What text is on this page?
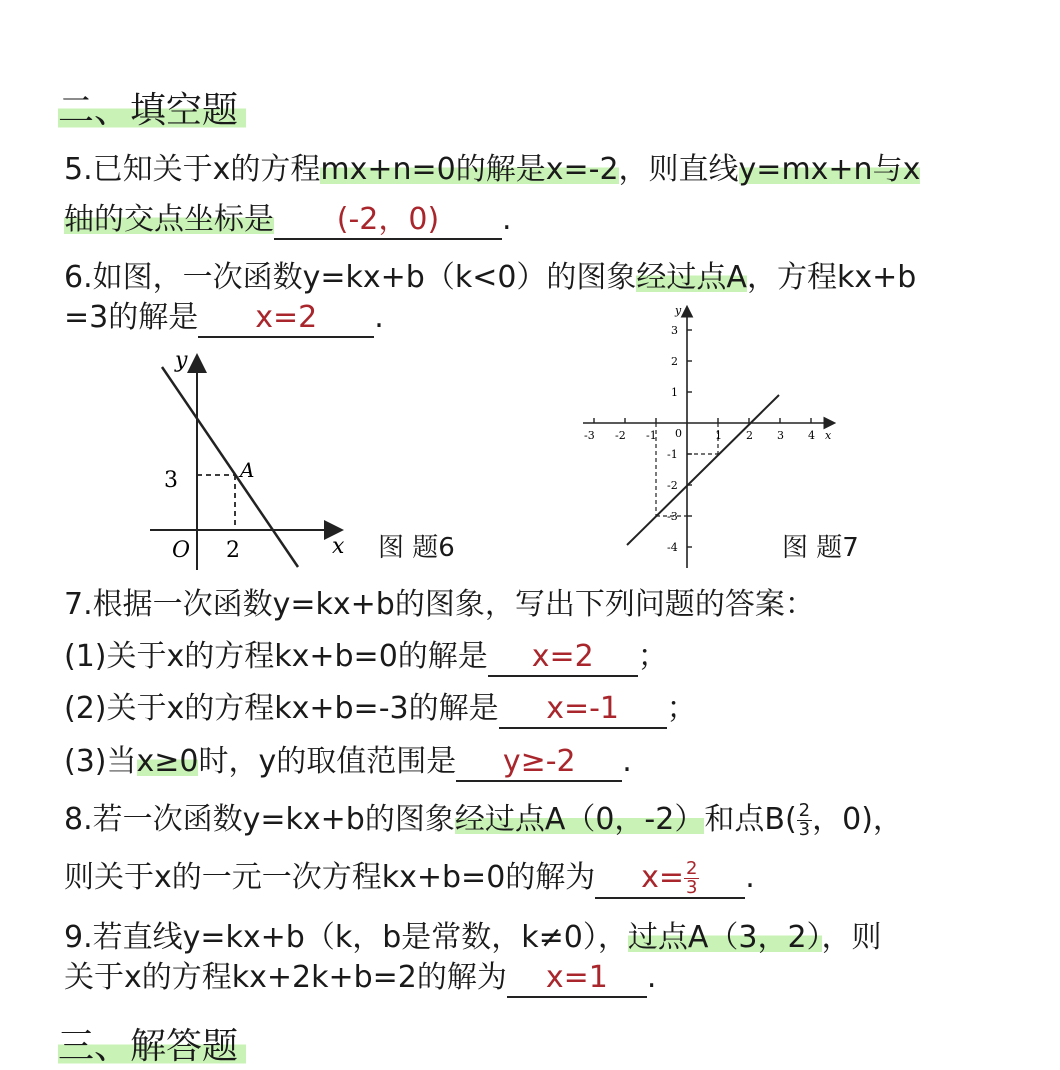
二、填空题
5.已知关于x的方程mx+n=0的解是x=-2，则直线y=mx+n与x
轴的交点坐标是 (-2，0) .
6.如图，一次函数y=kx+b（k<0）的图象经过点A，方程kx+b
=3的解是 x=2 .
y
x
O
3
2
A
图 题6
-3 -2 -1	1 2 3 4
3
2
1
-1
-2
-3
-4
y
x
0
图 题7
7.根据一次函数y=kx+b的图象，写出下列问题的答案：
(1)关于x的方程kx+b=0的解是 x=2 ；
(2)关于x的方程kx+b=-3的解是 x=-1 ；
(3)当x≥0时，y的取值范围是 y≥-2 .
8.若一次函数y=kx+b的图象经过点A（0，-2）和点$B( \frac{2}{3}$ ，0)，
则关于x的一元一次方程kx+b=0的解为 $x= \frac{2}{3}$ .
9.若直线y=kx+b（k，b是常数，k≠0），过点A（3，2），则
关于x的方程kx+2k+b=2的解为 x=1 .
三、解答题
